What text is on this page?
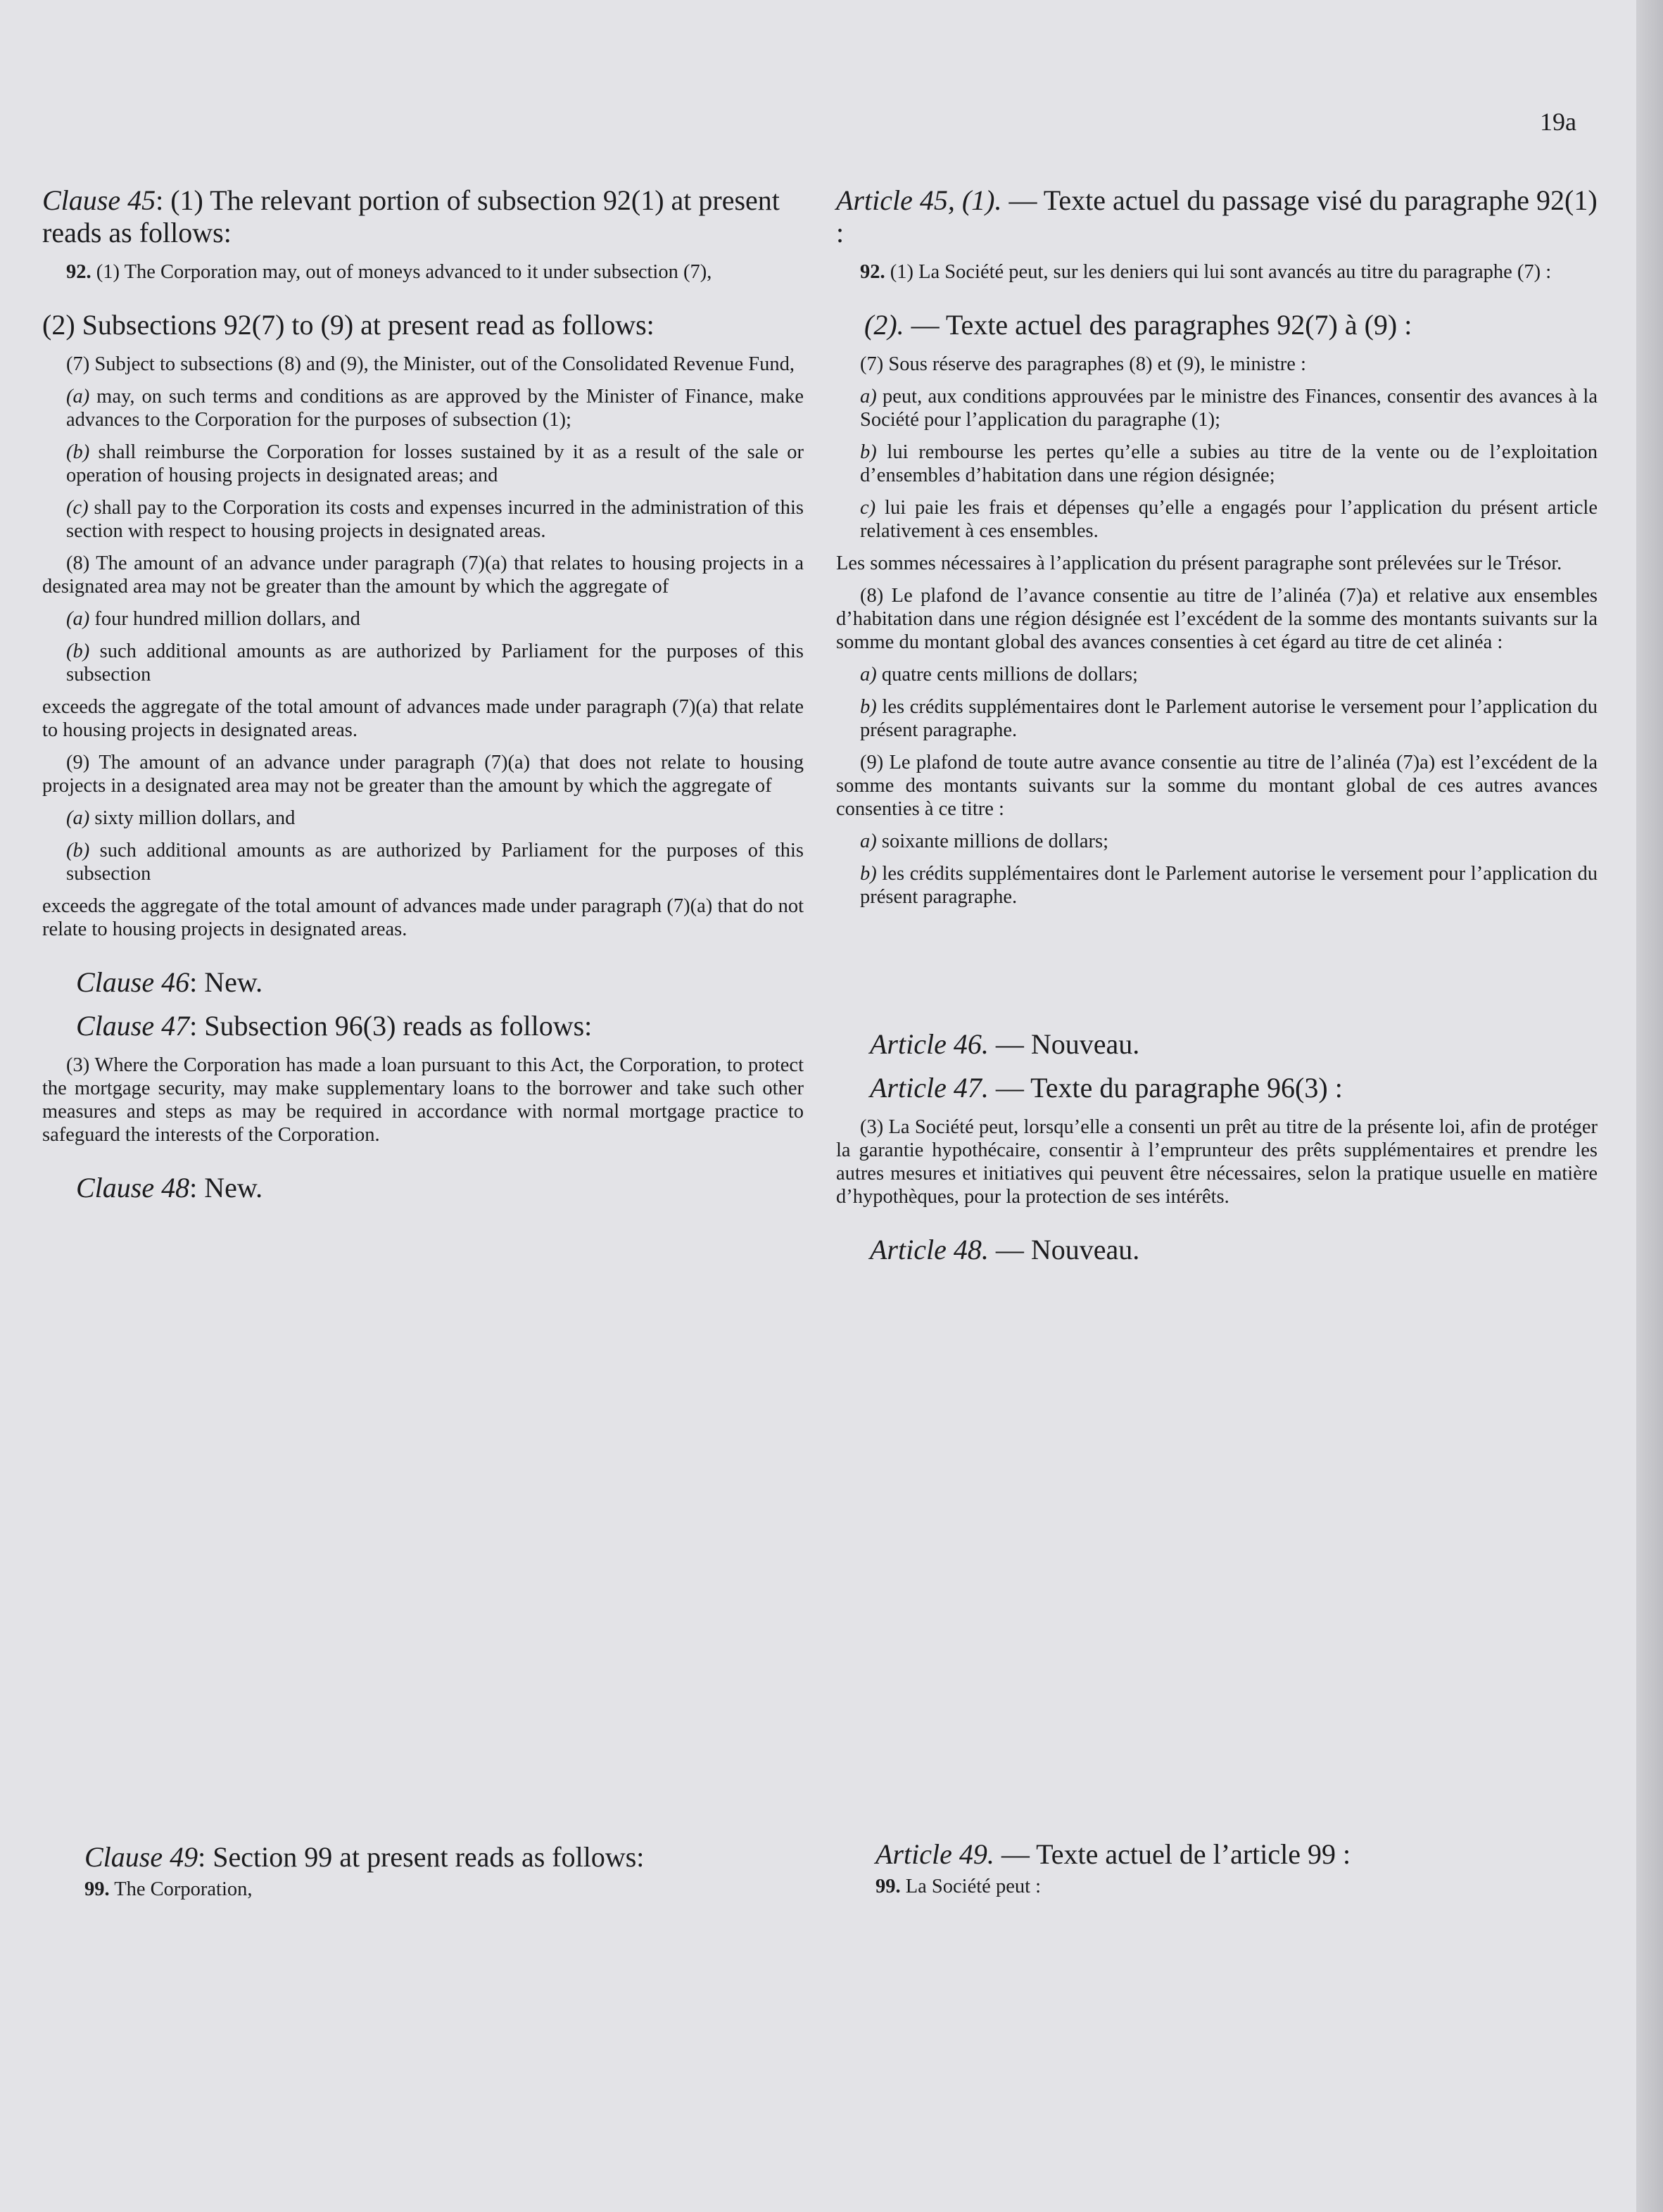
19a
Clause 45: (1) The relevant portion of subsection 92(1) at present reads as follows:
92. (1) The Corporation may, out of moneys advanced to it under subsection (7),
(2) Subsections 92(7) to (9) at present read as follows:
(7) Subject to subsections (8) and (9), the Minister, out of the Consolidated Revenue Fund,
(a) may, on such terms and conditions as are approved by the Minister of Finance, make advances to the Corporation for the purposes of subsection (1);
(b) shall reimburse the Corporation for losses sustained by it as a result of the sale or operation of housing projects in designated areas; and
(c) shall pay to the Corporation its costs and expenses incurred in the administration of this section with respect to housing projects in designated areas.
(8) The amount of an advance under paragraph (7)(a) that relates to housing projects in a designated area may not be greater than the amount by which the aggregate of
(a) four hundred million dollars, and
(b) such additional amounts as are authorized by Parliament for the purposes of this subsection
exceeds the aggregate of the total amount of advances made under paragraph (7)(a) that relate to housing projects in designated areas.
(9) The amount of an advance under paragraph (7)(a) that does not relate to housing projects in a designated area may not be greater than the amount by which the aggregate of
(a) sixty million dollars, and
(b) such additional amounts as are authorized by Parliament for the purposes of this subsection
exceeds the aggregate of the total amount of advances made under paragraph (7)(a) that do not relate to housing projects in designated areas.
Clause 46: New.
Clause 47: Subsection 96(3) reads as follows:
(3) Where the Corporation has made a loan pursuant to this Act, the Corporation, to protect the mortgage security, may make supplementary loans to the borrower and take such other measures and steps as may be required in accordance with normal mortgage practice to safeguard the interests of the Corporation.
Clause 48: New.
Clause 49: Section 99 at present reads as follows:
99. The Corporation,
Article 45, (1). — Texte actuel du passage visé du paragraphe 92(1) :
92. (1) La Société peut, sur les deniers qui lui sont avancés au titre du paragraphe (7) :
(2). — Texte actuel des paragraphes 92(7) à (9) :
(7) Sous réserve des paragraphes (8) et (9), le ministre :
a) peut, aux conditions approuvées par le ministre des Finances, consentir des avances à la Société pour l’application du paragraphe (1);
b) lui rembourse les pertes qu’elle a subies au titre de la vente ou de l’exploitation d’ensembles d’habitation dans une région désignée;
c) lui paie les frais et dépenses qu’elle a engagés pour l’application du présent article relativement à ces ensembles.
Les sommes nécessaires à l’application du présent paragraphe sont prélevées sur le Trésor.
(8) Le plafond de l’avance consentie au titre de l’alinéa (7)a) et relative aux ensembles d’habitation dans une région désignée est l’excédent de la somme des montants suivants sur la somme du montant global des avances consenties à cet égard au titre de cet alinéa :
a) quatre cents millions de dollars;
b) les crédits supplémentaires dont le Parlement autorise le versement pour l’application du présent paragraphe.
(9) Le plafond de toute autre avance consentie au titre de l’alinéa (7)a) est l’excédent de la somme des montants suivants sur la somme du montant global de ces autres avances consenties à ce titre :
a) soixante millions de dollars;
b) les crédits supplémentaires dont le Parlement autorise le versement pour l’application du présent paragraphe.
Article 46. — Nouveau.
Article 47. — Texte du paragraphe 96(3) :
(3) La Société peut, lorsqu’elle a consenti un prêt au titre de la présente loi, afin de protéger la garantie hypothécaire, consentir à l’emprunteur des prêts supplémentaires et prendre les autres mesures et initiatives qui peuvent être nécessaires, selon la pratique usuelle en matière d’hypothèques, pour la protection de ses intérêts.
Article 48. — Nouveau.
Article 49. — Texte actuel de l’article 99 :
99. La Société peut :
